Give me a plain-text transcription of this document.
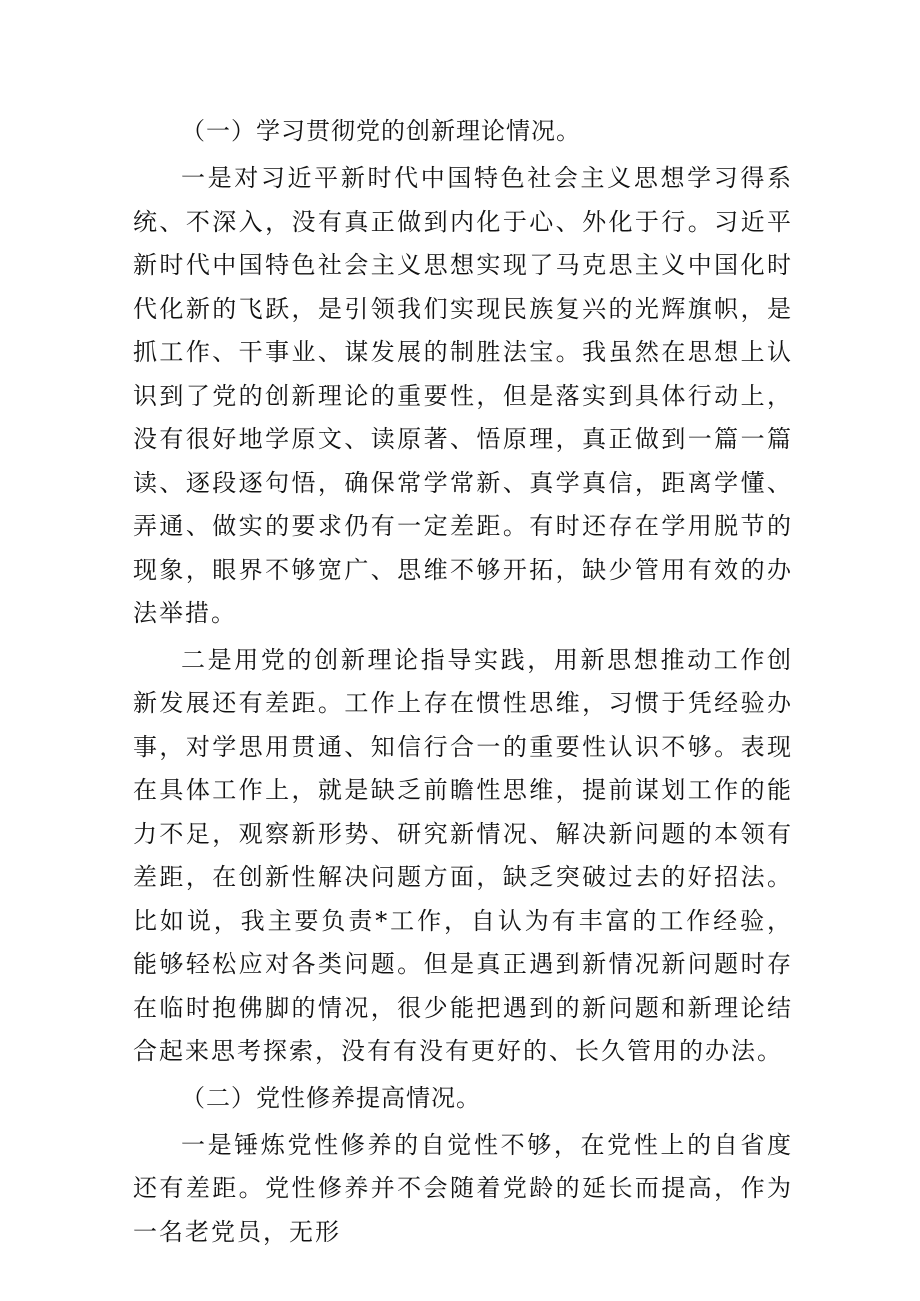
（一）学习贯彻党的创新理论情况。

一是对习近平新时代中国特色社会主义思想学习得系统、不深入，没有真正做到内化于心、外化于行。习近平新时代中国特色社会主义思想实现了马克思主义中国化时代化新的飞跃，是引领我们实现民族复兴的光辉旗帜，是抓工作、干事业、谋发展的制胜法宝。我虽然在思想上认识到了党的创新理论的重要性，但是落实到具体行动上，没有很好地学原文、读原著、悟原理，真正做到一篇一篇读、逐段逐句悟，确保常学常新、真学真信，距离学懂、弄通、做实的要求仍有一定差距。有时还存在学用脱节的现象，眼界不够宽广、思维不够开拓，缺少管用有效的办法举措。

二是用党的创新理论指导实践，用新思想推动工作创新发展还有差距。工作上存在惯性思维，习惯于凭经验办事，对学思用贯通、知信行合一的重要性认识不够。表现在具体工作上，就是缺乏前瞻性思维，提前谋划工作的能力不足，观察新形势、研究新情况、解决新问题的本领有差距，在创新性解决问题方面，缺乏突破过去的好招法。比如说，我主要负责*工作，自认为有丰富的工作经验，能够轻松应对各类问题。但是真正遇到新情况新问题时存在临时抱佛脚的情况，很少能把遇到的新问题和新理论结合起来思考探索，没有有没有更好的、长久管用的办法。

（二）党性修养提高情况。

一是锤炼党性修养的自觉性不够，在党性上的自省度还有差距。党性修养并不会随着党龄的延长而提高，作为一名老党员，无形
